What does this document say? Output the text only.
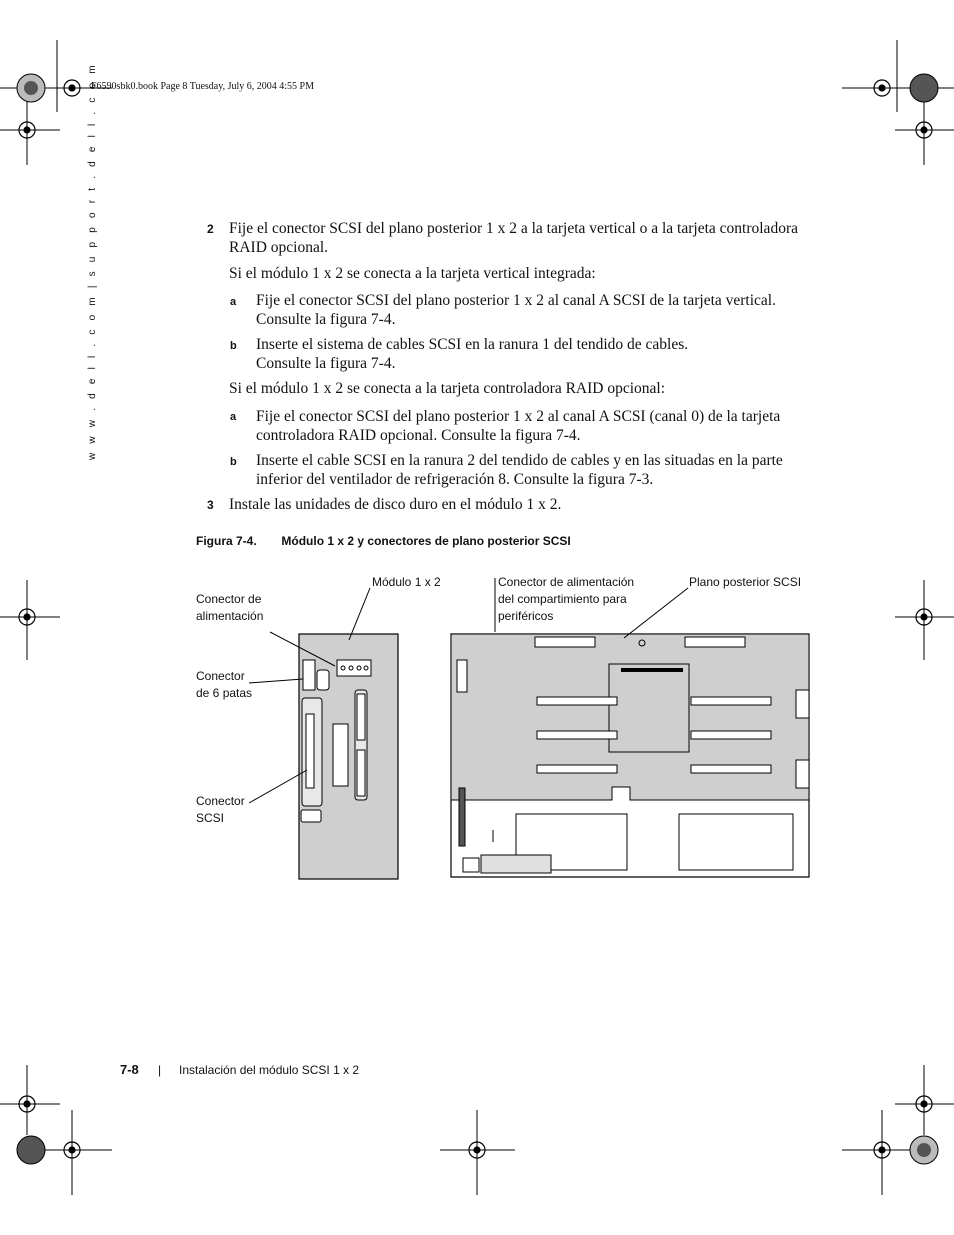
F6590sbk0.book Page 8 Tuesday, July 6, 2004 4:55 PM
w w w . d e l l . c o m | s u p p o r t . d e l l . c o m	2 Fije el conector SCSI del plano posterior 1 x 2 a la tarjeta vertical o a la tarjeta controladora
RAID opcional.
Si el módulo 1 x 2 se conecta a la tarjeta vertical integrada:
a Fije el conector SCSI del plano posterior 1 x 2 al canal A SCSI de la tarjeta vertical.
Consulte la figura 7-4.
b Inserte el sistema de cables SCSI en la ranura 1 del tendido de cables.
Consulte la figura 7-4.
Si el módulo 1 x 2 se conecta a la tarjeta controladora RAID opcional:
a Fije el conector SCSI del plano posterior 1 x 2 al canal A SCSI (canal 0) de la tarjeta
controladora RAID opcional. Consulte la figura 7-4.
b Inserte el cable SCSI en la ranura 2 del tendido de cables y en las situadas en la parte
inferior del ventilador de refrigeración 8. Consulte la figura 7-3.
3 Instale las unidades de disco duro en el módulo 1 x 2.
Figura 7-4. Módulo 1 x 2 y conectores de plano posterior SCSI
Conector de
alimentación
Módulo 1 x 2	Conector de alimentación
del compartimiento para
periféricos
Plano posterior SCSI
Conector
de 6 patas
Conector
SCSI
7-8 | Instalación del módulo SCSI 1 x 2
